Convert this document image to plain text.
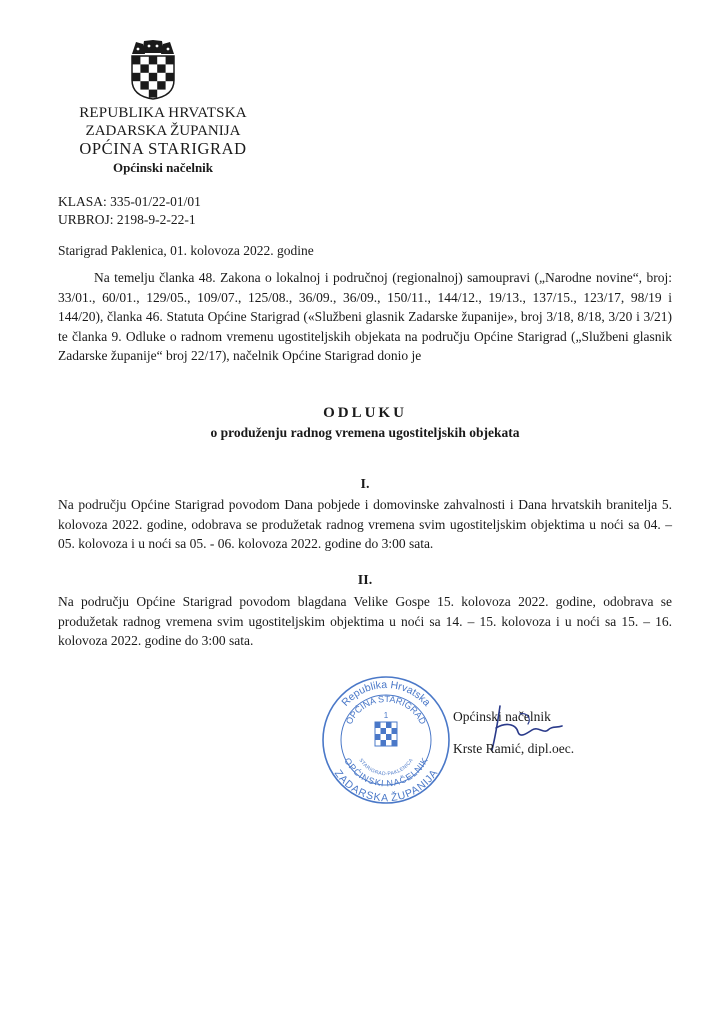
REPUBLIKA HRVATSKA
ZADARSKA ŽUPANIJA
OPĆINA STARIGRAD
Općinski načelnik
KLASA: 335-01/22-01/01
URBROJ: 2198-9-2-22-1
Starigrad Paklenica, 01. kolovoza 2022. godine
Na temelju članka 48. Zakona o lokalnoj i područnoj (regionalnoj) samoupravi („Narodne novine“, broj: 33/01., 60/01., 129/05., 109/07., 125/08., 36/09., 36/09., 150/11., 144/12., 19/13., 137/15., 123/17, 98/19 i 144/20), članka 46. Statuta Općine Starigrad («Službeni glasnik Zadarske županije», broj 3/18, 8/18, 3/20 i 3/21) te članka 9. Odluke o radnom vremenu ugostiteljskih objekata na području Općine Starigrad („Službeni glasnik Zadarske županije“ broj 22/17), načelnik Općine Starigrad donio je
ODLUKU
o produženju radnog vremena ugostiteljskih objekata
I.
Na području Općine Starigrad povodom Dana pobjede i domovinske zahvalnosti i Dana hrvatskih branitelja 5. kolovoza 2022. godine, odobrava se produžetak radnog vremena svim ugostiteljskim objektima u noći sa 04. – 05. kolovoza i u noći sa 05. - 06. kolovoza 2022. godine do 3:00 sata.
II.
Na području Općine Starigrad povodom blagdana Velike Gospe 15. kolovoza 2022. godine, odobrava se produžetak radnog vremena svim ugostiteljskim objektima u noći sa 14. – 15. kolovoza i u noći sa 15. – 16. kolovoza 2022. godine do 3:00 sata.
Republika Hrvatska
OPĆINA STARIGRAD
ZADARSKA ŽUPANIJA
OPĆINSKI NAČELNIK
STARIGRAD-PAKLENICA
1	Općinski načelnik
Krste Ramić, dipl.oec.
